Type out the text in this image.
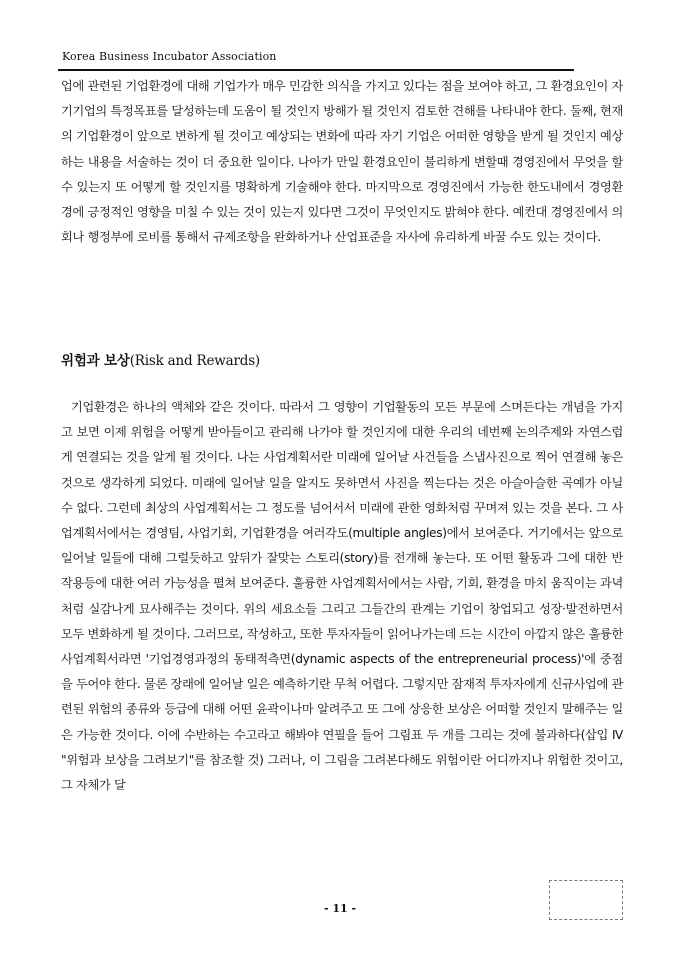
Korea Business Incubator Association
업에 관련된 기업환경에 대해 기업가가 매우 민감한 의식을 가지고 있다는 점을 보여야 하고, 그 환경요인이 자기기업의 특정목표를 달성하는데 도움이 될 것인지 방해가 될 것인지 검토한 견해를 나타내야 한다. 둘째, 현재의 기업환경이 앞으로 변하게 될 것이고 예상되는 변화에 따라 자기 기업은 어떠한 영향을 받게 될 것인지 예상하는 내용을 서술하는 것이 더 중요한 일이다. 나아가 만일 환경요인이 불리하게 변할때 경영진에서 무엇을 할 수 있는지 또 어떻게 할 것인지를 명확하게 기술해야 한다. 마지막으로 경영진에서 가능한 한도내에서 경영환경에 긍정적인 영향을 미칠 수 있는 것이 있는지 있다면 그것이 무엇인지도 밝혀야 한다. 예컨대 경영진에서 의회나 행정부에 로비를 통해서 규제조항을 완화하거나 산업표준을 자사에 유리하게 바꿀 수도 있는 것이다.
위험과 보상(Risk and Rewards)
기업환경은 하나의 액체와 같은 것이다. 따라서 그 영향이 기업활동의 모든 부문에 스며든다는 개념을 가지고 보면 이제 위험을 어떻게 받아들이고 관리해 나가야 할 것인지에 대한 우리의 네번째 논의주제와 자연스럽게 연결되는 것을 알게 될 것이다. 나는 사업계획서란 미래에 일어날 사건들을 스냅사진으로 찍어 연결해 놓은 것으로 생각하게 되었다. 미래에 일어날 일을 알지도 못하면서 사진을 찍는다는 것은 아슬아슬한 곡예가 아닐 수 없다. 그런데 최상의 사업계획서는 그 정도를 넘어서서 미래에 관한 영화처럼 꾸며져 있는 것을 본다. 그 사업계획서에서는 경영팀, 사업기회, 기업환경을 여러각도(multiple angles)에서 보여준다. 거기에서는 앞으로 일어날 일들에 대해 그럴듯하고 앞뒤가 잘맞는 스토리(story)를 전개해 놓는다. 또 어떤 활동과 그에 대한 반작용등에 대한 여러 가능성을 펼쳐 보여준다. 훌륭한 사업계획서에서는 사람, 기회, 환경을 마치 움직이는 과녁처럼 실감나게 묘사해주는 것이다. 위의 세요소들 그리고 그들간의 관계는 기업이 창업되고 성장·발전하면서 모두 변화하게 될 것이다. 그러므로, 작성하고, 또한 투자자들이 읽어나가는데 드는 시간이 아깝지 않은 훌륭한 사업계획서라면 '기업경영과정의 동태적측면(dynamic aspects of the entrepreneurial process)'에 중점을 두어야 한다. 물론 장래에 일어날 일은 예측하기란 무척 어렵다. 그렇지만 잠재적 투자자에게 신규사업에 관련된 위험의 종류와 등급에 대해 어떤 윤곽이나마 알려주고 또 그에 상응한 보상은 어떠할 것인지 말해주는 일은 가능한 것이다. 이에 수반하는 수고라고 해봐야 연필을 들어 그림표 두 개를 그리는 것에 불과하다(삽입 Ⅳ "위험과 보상을 그려보기"를 참조할 것) 그러나, 이 그림을 그려본다해도 위험이란 어디까지나 위험한 것이고, 그 자체가 달
- 11 -
